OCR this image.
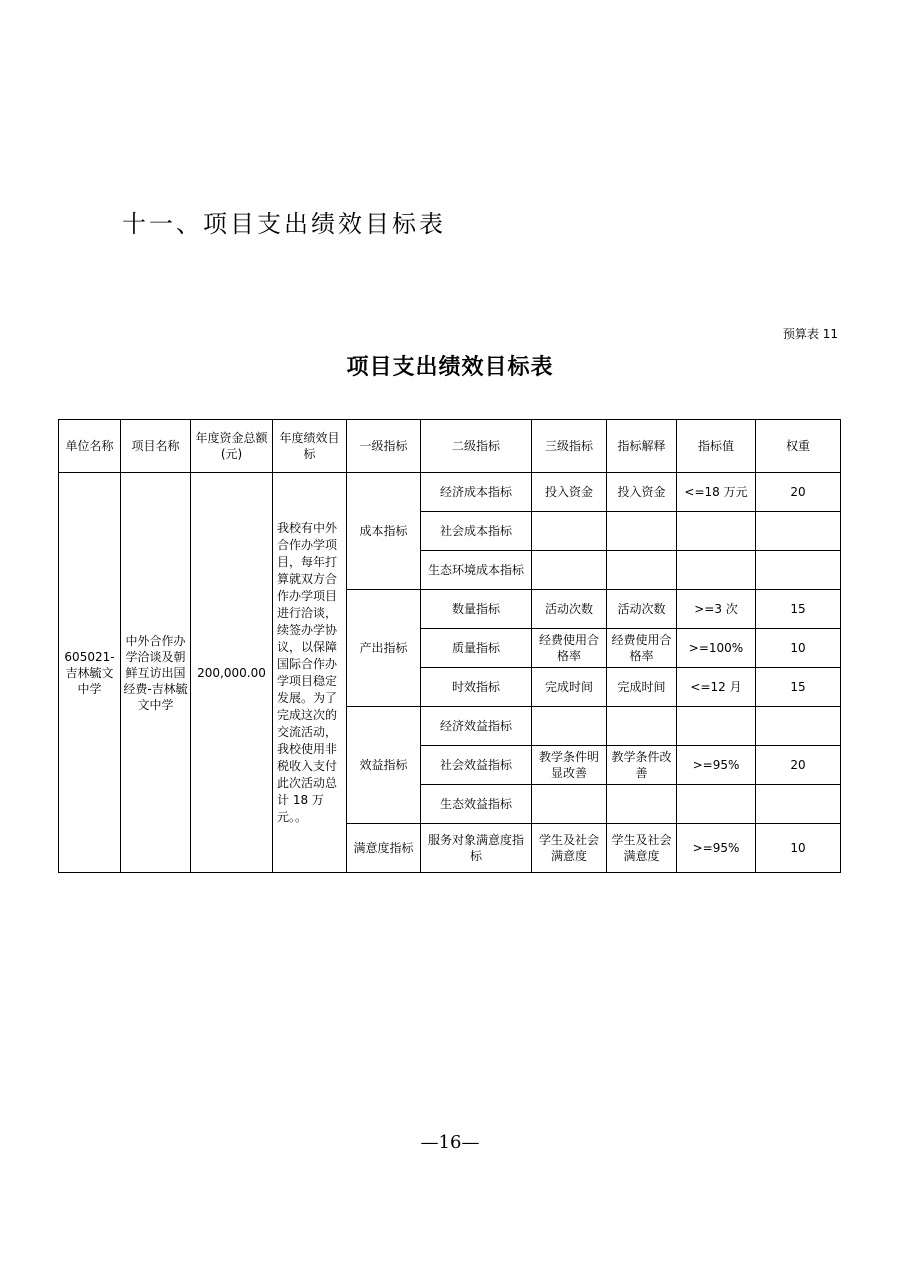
十一、项目支出绩效目标表
预算表 11
项目支出绩效目标表
单位名称	项目名称	年度资金总额(元)	年度绩效目标	一级指标	二级指标	三级指标	指标解释	指标值	权重
605021-吉林毓文中学	中外合作办学洽谈及朝鲜互访出国经费-吉林毓文中学	200,000.00	我校有中外合作办学项目，每年打算就双方合作办学项目进行洽谈，续签办学协议，以保障国际合作办学项目稳定发展。为了完成这次的交流活动，我校使用非税收入支付此次活动总计 18 万元。。	成本指标	经济成本指标	投入资金	投入资金	<=18 万元	20
					社会成本指标				
					生态环境成本指标				
				产出指标	数量指标	活动次数	活动次数	>=3 次	15
					质量指标	经费使用合格率	经费使用合格率	>=100%	10
					时效指标	完成时间	完成时间	<=12 月	15
				效益指标	经济效益指标				
					社会效益指标	教学条件明显改善	教学条件改善	>=95%	20
					生态效益指标				
				满意度指标	服务对象满意度指标	学生及社会满意度	学生及社会满意度	>=95%	10
—16—
